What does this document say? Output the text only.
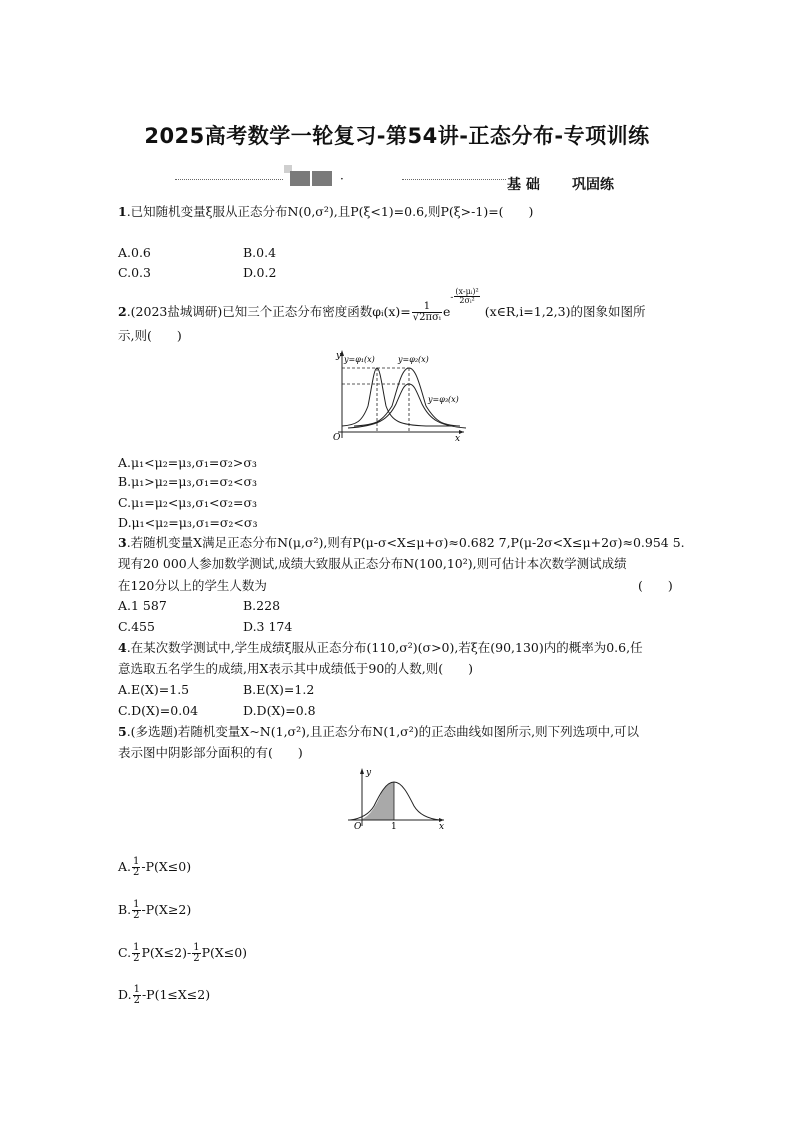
2025高考数学一轮复习-第54讲-正态分布-专项训练
·	基 础 巩固练
1.已知随机变量ξ服从正态分布N(0,σ²),且P(ξ<1)=0.6,则P(ξ>-1)=(　　)
A.0.6	B.0.4
C.0.3	D.0.2
2.(2023盐城调研)已知三个正态分布密度函数φᵢ(x)= $\frac{1}{\text{√2πσᵢ}} e- \frac{\text{(x-μᵢ)²}}{\text{2σᵢ²}}$
(x∈R,i=1,2,3)的图象如图所
示,则(　　)
y
x
O
y=φ₁(x)	y=φ₂(x)
y=φ₃(x)
A.μ₁<μ₂=μ₃,σ₁=σ₂>σ₃
B.μ₁>μ₂=μ₃,σ₁=σ₂<σ₃
C.μ₁=μ₂<μ₃,σ₁<σ₂=σ₃
D.μ₁<μ₂=μ₃,σ₁=σ₂<σ₃
3.若随机变量X满足正态分布N(μ,σ²),则有P(μ-σ<X≤μ+σ)≈0.682 7,P(μ-2σ<X≤μ+2σ)≈0.954 5.
现有20 000人参加数学测试,成绩大致服从正态分布N(100,10²),则可估计本次数学测试成绩
在120分以上的学生人数为	(　　)
A.1 587	B.228
C.455	D.3 174
4.在某次数学测试中,学生成绩ξ服从正态分布(110,σ²)(σ>0),若ξ在(90,130)内的概率为0.6,任
意选取五名学生的成绩,用X表示其中成绩低于90的人数,则(　　)
A.E(X)=1.5	B.E(X)=1.2
C.D(X)=0.04	D.D(X)=0.8
5.(多选题)若随机变量X~N(1,σ²),且正态分布N(1,σ²)的正态曲线如图所示,则下列选项中,可以
表示图中阴影部分面积的有(　　)
y
x
O	1
A. $\frac{1}{2} -P(X\le 0)$
B. $\frac{1}{2} -P(X\ge 2)$
C. $\frac{1}{2} P(X\le 2)- \frac{1}{2} P(X\le 0)$
D. $\frac{1}{2} -P(1\le X\le 2)$
